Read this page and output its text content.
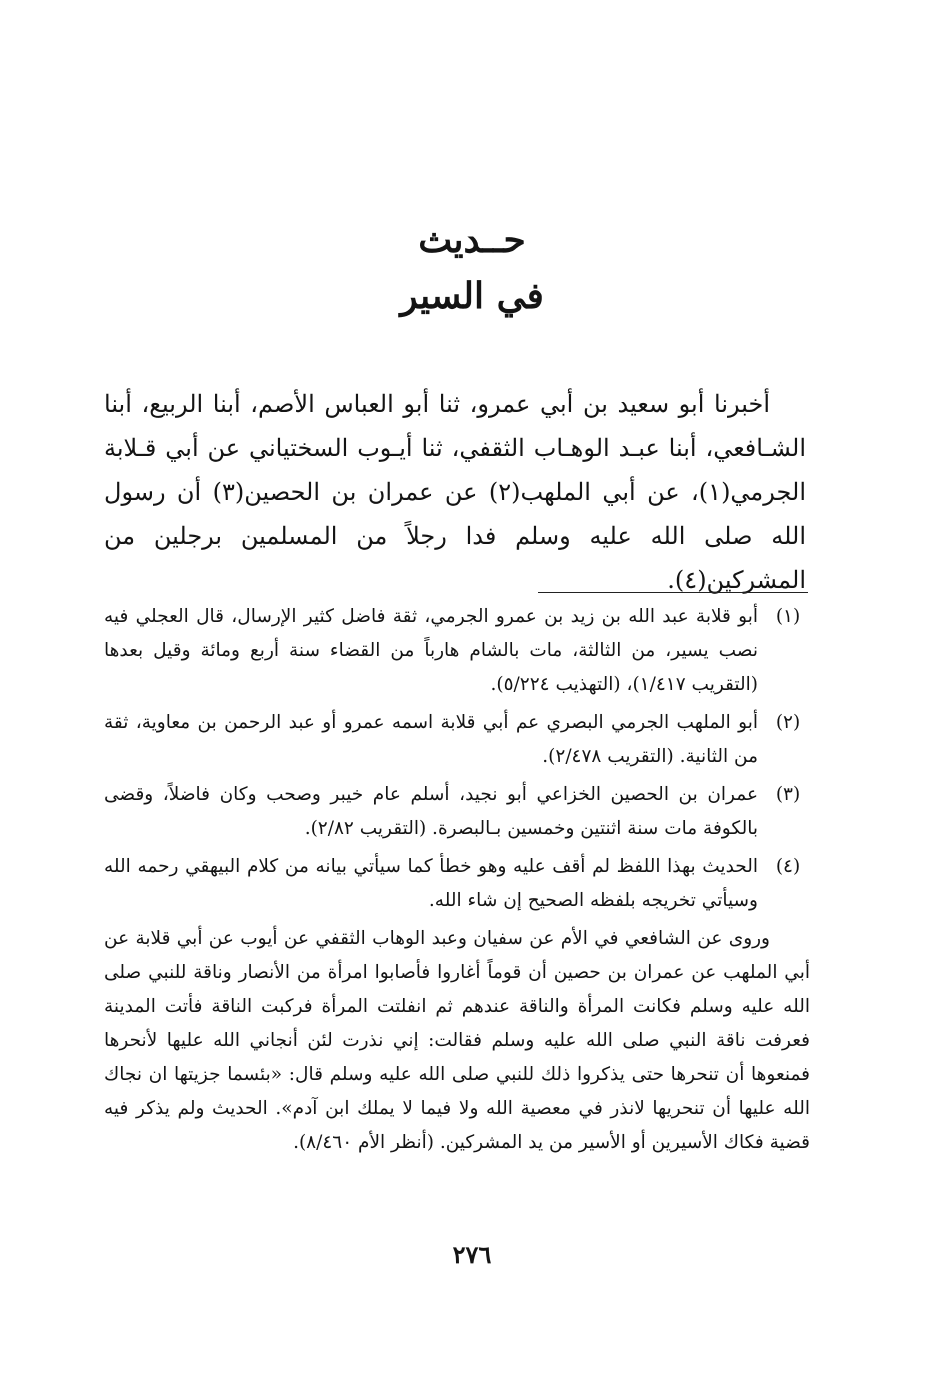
حــديث
في السير

أخبرنا أبو سعيد بن أبي عمرو، ثنا أبو العباس الأصم، أبنا الربيع، أبنا الشـافعي، أبنا عبـد الوهـاب الثقفي، ثنا أيـوب السختياني عن أبي قـلابة الجرمي(١)، عن أبي الملهب(٢) عن عمران بن الحصين(٣) أن رسول الله صلى الله عليه وسلم فدا رجلاً من المسلمين برجلين من المشركين(٤).

(١)
أبو قلابة عبد الله بن زيد بن عمرو الجرمي، ثقة فاضل كثير الإرسال، قال العجلي فيه نصب يسير، من الثالثة، مات بالشام هارباً من القضاء سنة أربع ومائة وقيل بعدها (التقريب ١/٤١٧)، (التهذيب ٥/٢٢٤).
(٢)
أبو الملهب الجرمي البصري عم أبي قلابة اسمه عمرو أو عبد الرحمن بن معاوية، ثقة من الثانية. (التقريب ٢/٤٧٨).
(٣)
عمران بن الحصين الخزاعي أبو نجيد، أسلم عام خيبر وصحب وكان فاضلاً، وقضى بالكوفة مات سنة اثنتين وخمسين بـالبصرة. (التقريب ٢/٨٢).
(٤)
الحديث بهذا اللفظ لم أقف عليه وهو خطأ كما سيأتي بيانه من كلام البيهقي رحمه الله وسيأتي تخريجه بلفظه الصحيح إن شاء الله.

وروى عن الشافعي في الأم عن سفيان وعبد الوهاب الثقفي عن أيوب عن أبي قلابة عن أبي الملهب عن عمران بن حصين أن قوماً أغاروا فأصابوا امرأة من الأنصار وناقة للنبي صلى الله عليه وسلم فكانت المرأة والناقة عندهم ثم انفلتت المرأة فركبت الناقة فأتت المدينة فعرفت ناقة النبي صلى الله عليه وسلم فقالت: إني نذرت لئن أنجاني الله عليها لأنحرها فمنعوها أن تنحرها حتى يذكروا ذلك للنبي صلى الله عليه وسلم قال: «بئسما جزيتها ان نجاك الله عليها أن تنحريها لانذر في معصية الله ولا فيما لا يملك ابن آدم». الحديث ولم يذكر فيه قضية فكاك الأسيرين أو الأسير من يد المشركين. (أنظر الأم ٨/٤٦٠).

٢٧٦
